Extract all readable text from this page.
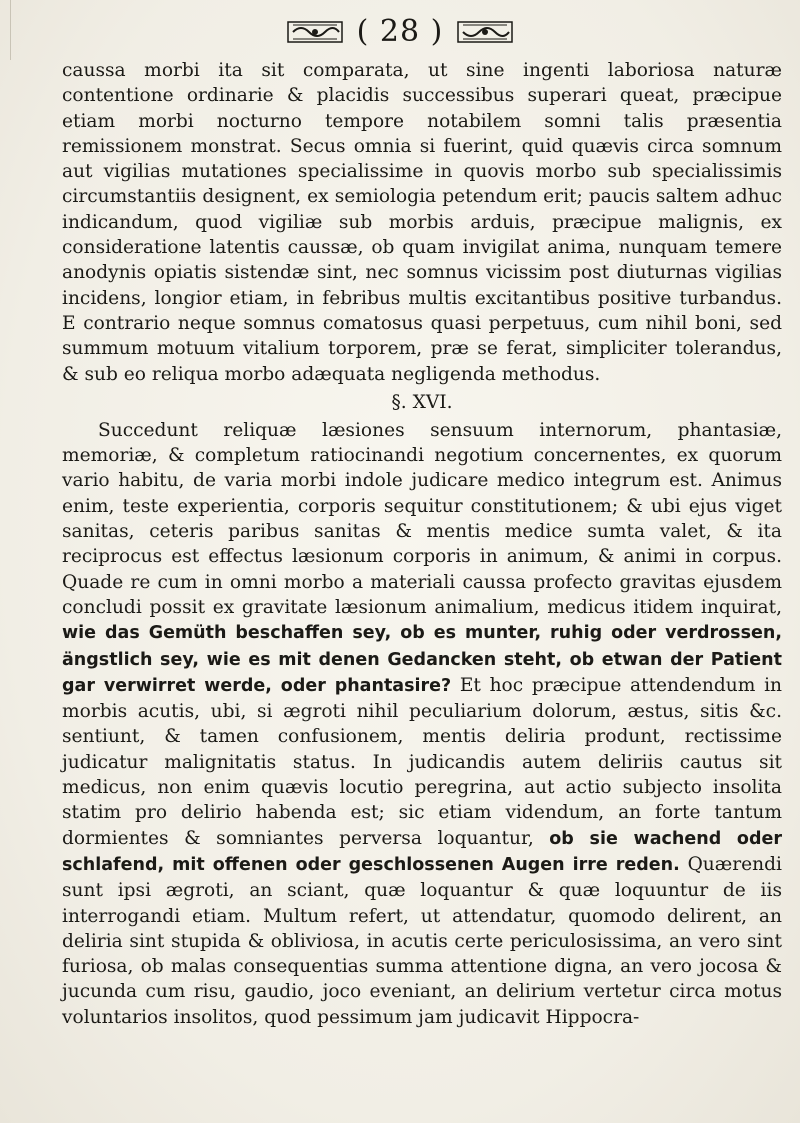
( 28 )

caussa morbi ita sit comparata, ut sine ingenti laboriosa naturæ contentione ordinarie & placidis successibus superari queat, præcipue etiam morbi nocturno tempore notabilem somni talis præsentia remissionem monstrat. Secus omnia si fuerint, quid quævis circa somnum aut vigilias mutationes specialissime in quovis morbo sub specialissimis circumstantiis designent, ex semiologia petendum erit; paucis saltem adhuc indicandum, quod vigiliæ sub morbis arduis, præcipue malignis, ex consideratione latentis caussæ, ob quam invigilat anima, nunquam temere anodynis opiatis sistendæ sint, nec somnus vicissim post diuturnas vigilias incidens, longior etiam, in febribus multis excitantibus positive turbandus. E contrario neque somnus comatosus quasi perpetuus, cum nihil boni, sed summum motuum vitalium torporem, præ se ferat, simpliciter tolerandus, & sub eo reliqua morbo adæquata negligenda methodus.

§. XVI.

Succedunt reliquæ læsiones sensuum internorum, phantasiæ, memoriæ, & completum ratiocinandi negotium concernentes, ex quorum vario habitu, de varia morbi indole judicare medico integrum est. Animus enim, teste experientia, corporis sequitur constitutionem; & ubi ejus viget sanitas, ceteris paribus sanitas & mentis medice sumta valet, & ita reciprocus est effectus læsionum corporis in animum, & animi in corpus. Quade re cum in omni morbo a materiali caussa profecto gravitas ejusdem concludi possit ex gravitate læsionum animalium, medicus itidem inquirat, wie das Gemüth beschaffen sey, ob es munter, ruhig oder verdrossen, ängstlich sey, wie es mit denen Gedancken steht, ob etwan der Patient gar verwirret werde, oder phantasire? Et hoc præcipue attendendum in morbis acutis, ubi, si ægroti nihil peculiarium dolorum, æstus, sitis &c. sentiunt, & tamen confusionem, mentis deliria produnt, rectissime judicatur malignitatis status. In judicandis autem deliriis cautus sit medicus, non enim quævis locutio peregrina, aut actio subjecto insolita statim pro delirio habenda est; sic etiam videndum, an forte tantum dormientes & somniantes perversa loquantur, ob sie wachend oder schlafend, mit offenen oder geschlossenen Augen irre reden. Quærendi sunt ipsi ægroti, an sciant, quæ loquantur & quæ loquuntur de iis interrogandi etiam. Multum refert, ut attendatur, quomodo delirent, an deliria sint stupida & obliviosa, in acutis certe periculosissima, an vero sint furiosa, ob malas consequentias summa attentione digna, an vero jocosa & jucunda cum risu, gaudio, joco eveniant, an delirium vertetur circa motus voluntarios insolitos, quod pessimum jam judicavit Hippocra-
